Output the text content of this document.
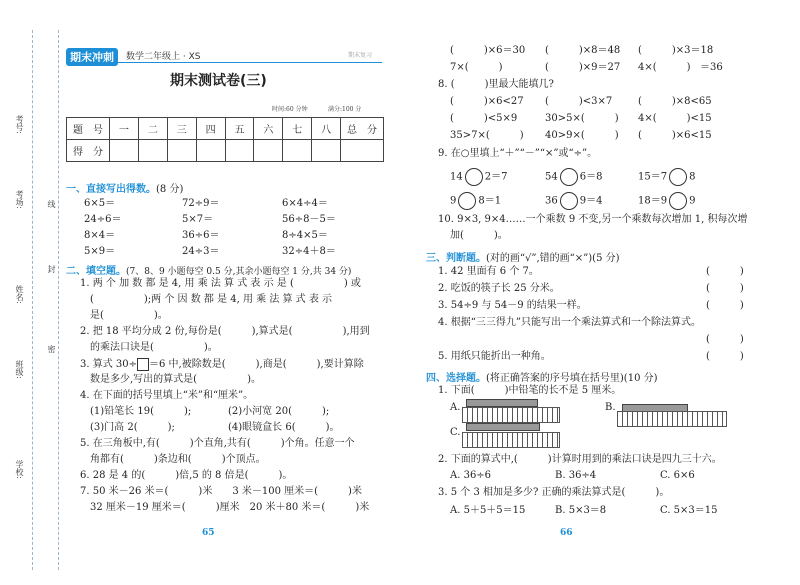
考号:
考场:
姓名:
班级:
学校:
线
封
密
期末冲刺	数学二年级上 · XS	期末复习
期末测试卷(三)
时间:60 分钟	满分:100 分
题　号	一	二	三	四	五	六	七	八	总　分
得　分									
一、直接写出得数。(8 分)
6×5＝	72÷9＝	6×4÷4＝
24÷6＝	5×7＝	56÷8－5＝
8×4＝	36÷6＝	8÷4×5＝
5×9＝	24÷3＝	32÷4＋8＝
二、填空题。(7、8、9 小题每空 0.5 分,其余小题每空 1 分,共 34 分)
1. 两 个 加 数 都 是 4, 用 乘 法 算 式 表 示 是 (　　　　　) 或
(　　　　　);两 个 因 数 都 是 4, 用 乘 法 算 式 表 示
是(　　　　　)。
2. 把 18 平均分成 2 份,每份是(　　　),算式是(　　　　　),用到
的乘法口诀是(　　　　　)。
3. 算式 30÷ ＝6 中,被除数是(　　　),商是(　　　),要计算除
数是多少,写出的算式是(　　　　　)。
4. 在下面的括号里填上“米”和“厘米”。
(1)铅笔长 19(　　　);	(2)小河宽 20(　　　);
(3)门高 2(　　　);	(4)眼镜盒长 6(　　　)。
5. 在三角板中,有(　　　)个直角,共有(　　　)个角。任意一个
角都有(　　　)条边和(　　　)个顶点。
6. 28 是 4 的(　　　)倍,5 的 8 倍是(　　　)。
7. 50 米－26 米＝(　　　)米　　3 米－100 厘米＝(　　　)米
32 厘米－19 厘米＝(　　　)厘米　20 米＋80 米＝(　　　)米
65
(　　　)×6＝30 (　　　)×8＝48 (　　　)×3＝18
7×(　　　)	(　　　)×9＝27 4×(　　　) ＝36
8. (　　　)里最大能填几?
(　　　)×6<27 (　　　)<3×7	(　　　)×8<65
(　　　)<5×9	30>5×(　　　) 4×(　　　)<15
35>7×(　　　) 40>9×(　　　) (　　　)×6<15
9. 在○里填上“＋”“－”“×”或“÷”。
14 2＝7	54 6＝8	15＝7 8
9 8＝1	36 9＝4	18＝9 9
10. 9×3, 9×4……一个乘数 9 不变,另一个乘数每次增加 1, 积每次增
加(　　　)。
三、判断题。(对的画“√”,错的画“×”)(5 分)
1. 42 里面有 6 个 7。	(　　　)
2. 吃饭的筷子长 25 分米。	(　　　)
3. 54÷9 与 54－9 的结果一样。	(　　　)
4. 根据“三三得九”只能写出一个乘法算式和一个除法算式。
(　　　)
5. 用纸只能折出一种角。	(　　　)
四、选择题。(将正确答案的序号填在括号里)(10 分)
1. 下面(　　　)中铅笔的长不是 5 厘米。
A.	B.
C.
2. 下面的算式中,(　　　)计算时用到的乘法口诀是四九三十六。
A. 36÷6	B. 36÷4	C. 6×6
3. 5 个 3 相加是多少? 正确的乘法算式是(　　　)。
A. 5＋5＋5＝15	B. 5×3＝8	C. 5×3＝15
66
